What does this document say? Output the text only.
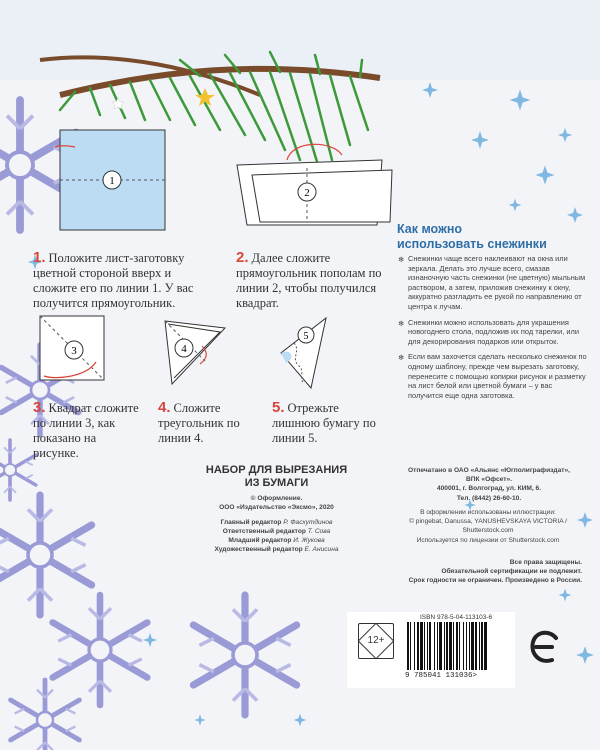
1
2
3	4
5
1. Положите лист-заготовку цветной стороной вверх и сложите его по линии 1. У вас получится прямоугольник.
2. Далее сложите прямоугольник пополам по линии 2, чтобы получился квадрат.
3. Квадрат сложите по линии 3, как показано на рисунке.
4. Сложите треугольник по линии 4.
5. Отрежьте лишнюю бумагу по линии 5.
Как можно
использовать снежинки
❄ Снежинки чаще всего наклеивают на окна или зеркала. Делать это лучше всего, смазав изнаночную часть снежинки (не цветную) мыльным раствором, а затем, приложив снежинку к окну, аккуратно разгладить ее рукой по направлению от центра к лучам.
❄ Снежинки можно использовать для украшения новогоднего стола, подложив их под тарелки, или для декорирования подарков или открыток.
❄ Если вам захочется сделать несколько снежинок по одному шаблону, прежде чем вырезать заготовку, перенесите с помощью копирки рисунок и разметку на лист белой или цветной бумаги – у вас получится еще одна заготовка.
НАБОР ДЛЯ ВЫРЕЗАНИЯ
ИЗ БУМАГИ
© Оформление.
ООО «Издательство «Эксмо», 2020
Главный редактор Р. Фасхутдинов
Ответственный редактор Т. Сова
Младший редактор И. Жукова
Художественный редактор Е. Анисина
Отпечатано в ОАО «Альянс «Югполиграфиздат»,
ВПК «Офсет».
400001, г. Волгоград, ул. КИМ, 6.
Тел. (8442) 26-60-10.
В оформлении использованы иллюстрации:
© pingebat, Danussa, YANUSHEVSKAYA VICTORIA / Shutterstock.com
Используется по лицензии от Shutterstock.com
Все права защищены.
Обязательной сертификации не подлежит.
Срок годности не ограничен. Произведено в России.
12+
ISBN 978-5-04-113103-6
9 785041 131036>
